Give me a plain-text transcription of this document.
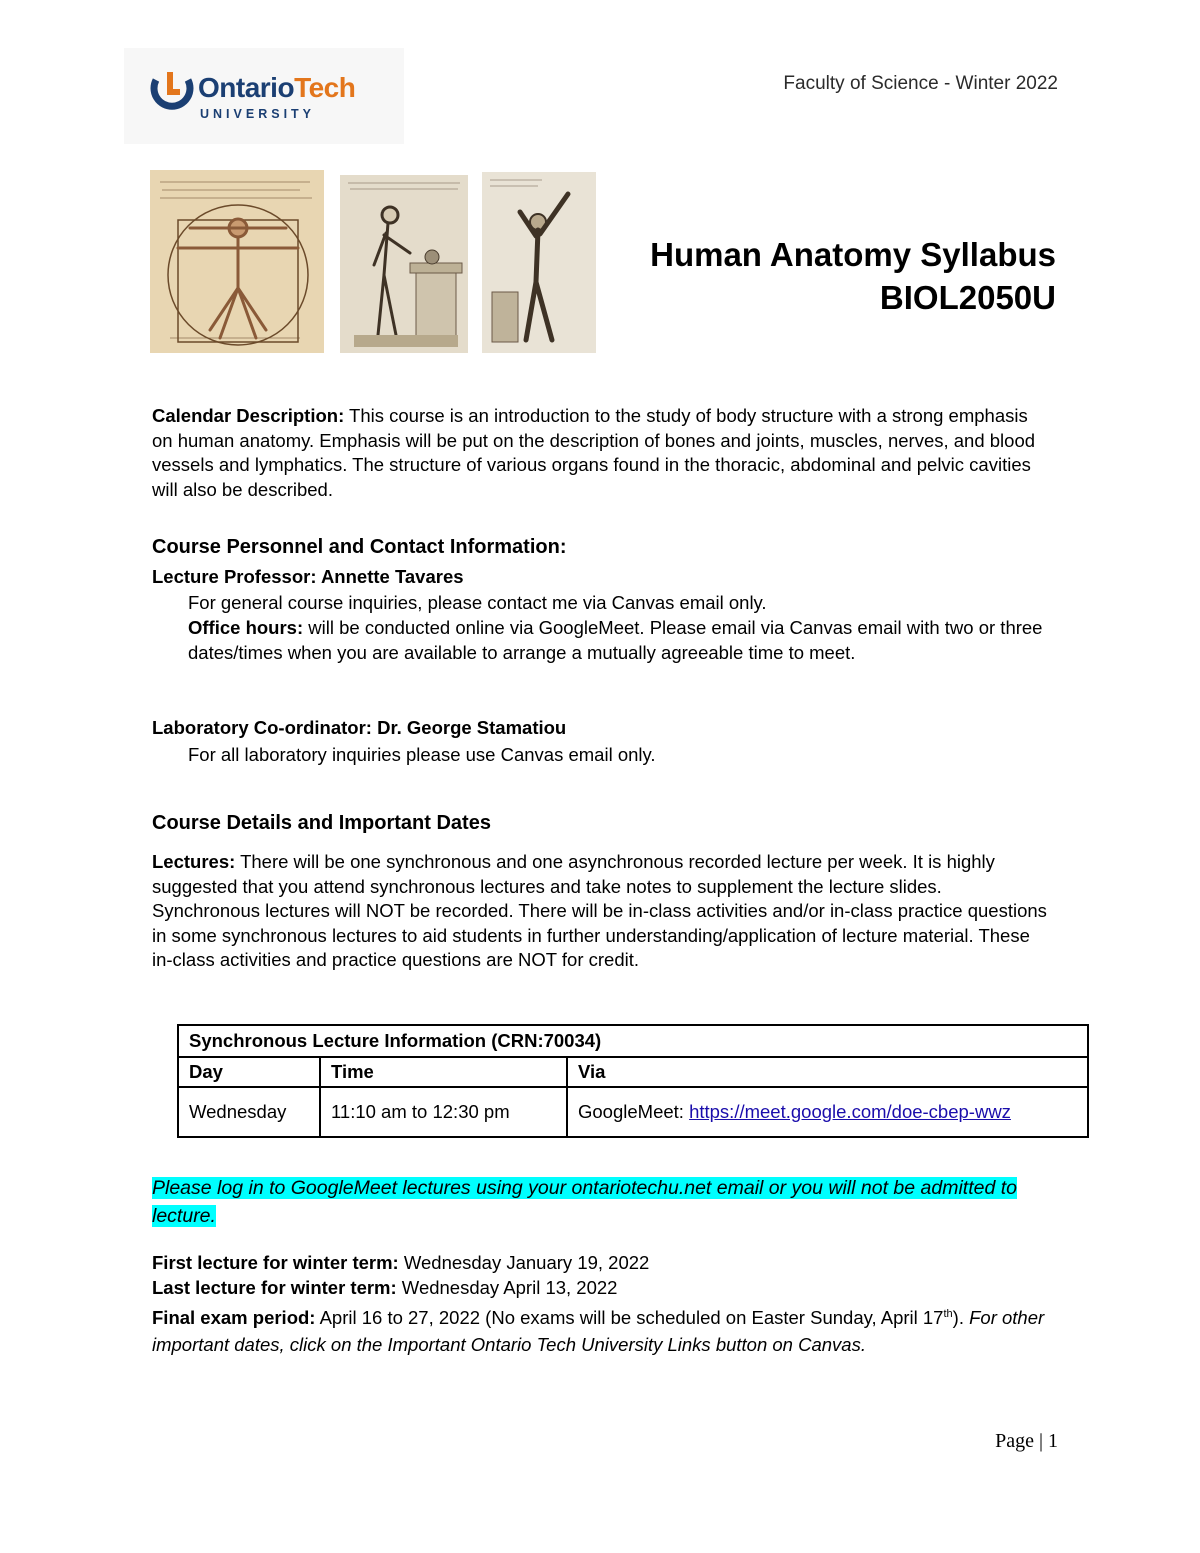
OntarioTech
UNIVERSITY
Faculty of Science - Winter 2022
Human Anatomy Syllabus
BIOL2050U
Calendar Description: This course is an introduction to the study of body structure with a strong emphasis on human anatomy. Emphasis will be put on the description of bones and joints, muscles, nerves, and blood vessels and lymphatics. The structure of various organs found in the thoracic, abdominal and pelvic cavities will also be described.
Course Personnel and Contact Information:
Lecture Professor: Annette Tavares
For general course inquiries, please contact me via Canvas email only.
Office hours: will be conducted online via GoogleMeet. Please email via Canvas email with two or three dates/times when you are available to arrange a mutually agreeable time to meet.
Laboratory Co-ordinator: Dr. George Stamatiou
For all laboratory inquiries please use Canvas email only.
Course Details and Important Dates
Lectures: There will be one synchronous and one asynchronous recorded lecture per week. It is highly suggested that you attend synchronous lectures and take notes to supplement the lecture slides. Synchronous lectures will NOT be recorded. There will be in-class activities and/or in-class practice questions in some synchronous lectures to aid students in further understanding/application of lecture material. These in-class activities and practice questions are NOT for credit.
Synchronous Lecture Information (CRN:70034)		
Day	Time	Via
Wednesday	11:10 am to 12:30 pm	GoogleMeet: https://meet.google.com/doe-cbep-wwz
Please log in to GoogleMeet lectures using your ontariotechu.net email or you will not be admitted to lecture.
First lecture for winter term: Wednesday January 19, 2022
Last lecture for winter term: Wednesday April 13, 2022
Final exam period: April 16 to 27, 2022 (No exams will be scheduled on Easter Sunday, April 17th). For other important dates, click on the Important Ontario Tech University Links button on Canvas.
Page | 1
